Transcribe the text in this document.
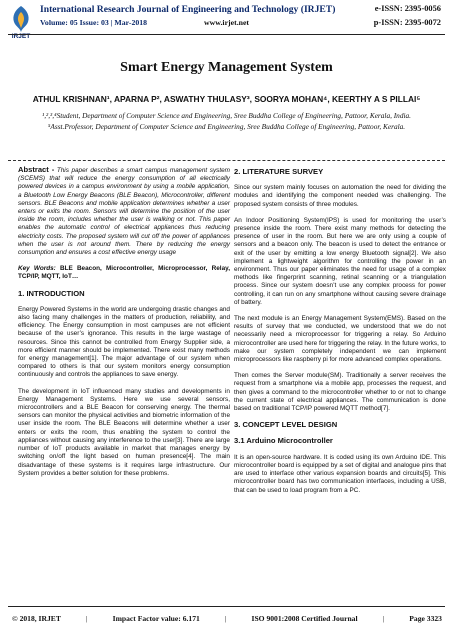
IRJET
International Research Journal of Engineering and Technology (IRJET)	e-ISSN: 2395-0056
Volume: 05 Issue: 03 | Mar-2018	www.irjet.net	p-ISSN: 2395-0072
Smart Energy Management System
ATHUL KRISHNAN¹, APARNA P², ASWATHY THULASY³, SOORYA MOHAN⁴, KEERTHY A S PILLAI⁵
¹,²,³,⁴Student, Department of Computer Science and Engineering, Sree Buddha College of Engineering, Pattoor, Kerala, India.
⁵Asst.Professor, Department of Computer Science and Engineering, Sree Buddha College of Engineering, Pattoor, Kerala.

Abstract - This paper describes a smart campus management system (SCEMS) that will reduce the energy consumption of all electrically powered devices in a campus environment by using a mobile application, a Bluetooth Low Energy Beacons (BLE Beacon), Microcontroller, different sensors. BLE Beacons and mobile application determines whether a user enters or exits the room. Sensors will determine the position of the user inside the room, includes whether the user is walking or not. This paper enables the automatic control of electrical appliances thus reducing electricity costs. The proposed system will cut off the power of appliances when the user is not around them. There by reducing the energy consumption and ensures a cost effective energy usage

Key Words: BLE Beacon, Microcontroller, Microprocessor, Relay, TCP/IP, MQTT, IoT…

1. INTRODUCTION

Energy Powered Systems in the world are undergoing drastic changes and also facing many challenges in the matters of production, reliability, and efficiency. The Energy consumption in most campuses are not efficient because of the user’s ignorance. This results in the large wastage of resources. Since this cannot be controlled from Energy Supplier side, a more efficient manner should be implemented. There exist many methods for energy management[1]. The major advantage of our system when compared to others is that our system monitors energy consumption continuously and controls the appliances to save energy.

The development in IoT influenced many studies and developments in Energy Management Systems. Here we use several sensors, microcontrollers and a BLE Beacon for conserving energy. The thermal sensors can monitor the physical activities and biometric information of the user inside the room. The BLE Beacons will determine whether a user enters or exits the room, thus enabling the system to control the appliances without causing any interference to the user[3]. There are large number of IoT products available in market that manages energy by switching on/off the light based on human presence[4]. The main disadvantage of these systems is it requires large infrastructure. Our System provides a better solution for these problems.

2. LITERATURE SURVEY

Since our system mainly focuses on automation the need for dividing the modules and identifying the component needed was challenging. The proposed system consists of three modules.

An Indoor Positioning System(IPS) is used for monitoring the user’s presence inside the room. There exist many methods for detecting the presence of user in the room. But here we are only using a couple of sensors and a beacon only. The beacon is used to detect the entrance or exit of the user by emitting a low energy Bluetooth signal[2]. We also implement a lightweight algorithm for controlling the power in an environment. Thus our paper eliminates the need for usage of a complex methods like fingerprint scanning, retinal scanning or a triangulation process. Since our system doesn’t use any complex process for power controlling, it can run on any smartphone without causing severe drainage of battery.

The next module is an Energy Management System(EMS). Based on the results of survey that we conducted, we understood that we do not necessarily need a microprocessor for triggering a relay. So Arduino microcontroller are used here for triggering the relay. In the future works, to make our system completely independent we can implement microprocessors like raspberry pi for more advanced complex operations.

Then comes the Server module(SM). Traditionally a server receives the request from a smartphone via a mobile app, processes the request, and then gives a command to the microcontroller whether to or not to change the current state of electrical appliances. The communication is done based on traditional TCP/IP powered MQTT method[7].

3. CONCEPT LEVEL DESIGN
3.1 Arduino Microcontroller

It is an open-source hardware. It is coded using its own Arduino IDE. This microcontroller board is equipped by a set of digital and analogue pins that are used to interface other various expansion boards and circuits[5]. This microcontroller board has two communication interfaces, including a USB, that can be used to load program from a PC.

© 2018, IRJET	|	Impact Factor value: 6.171	|	ISO 9001:2008 Certified Journal	|	Page 3323
